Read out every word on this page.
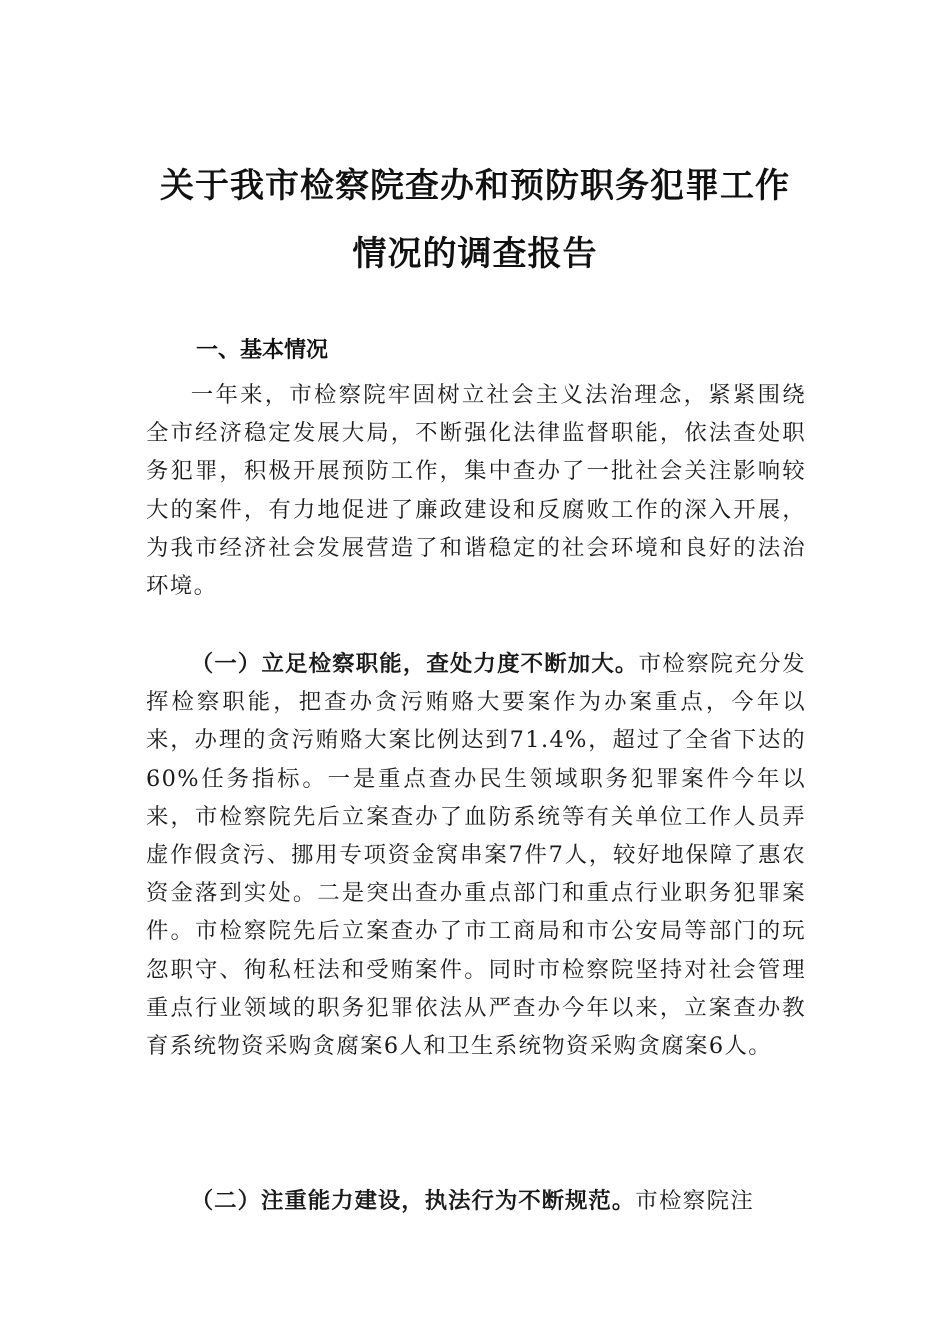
关于我市检察院查办和预防职务犯罪工作
情况的调查报告
一、基本情况
一年来，市检察院牢固树立社会主义法治理念，紧紧围绕全市经济稳定发展大局，不断强化法律监督职能，依法查处职务犯罪，积极开展预防工作，集中查办了一批社会关注影响较大的案件，有力地促进了廉政建设和反腐败工作的深入开展，为我市经济社会发展营造了和谐稳定的社会环境和良好的法治环境。
（一）立足检察职能，查处力度不断加大。市检察院充分发挥检察职能，把查办贪污贿赂大要案作为办案重点，今年以来，办理的贪污贿赂大案比例达到71.4%，超过了全省下达的60%任务指标。一是重点查办民生领域职务犯罪案件今年以来，市检察院先后立案查办了血防系统等有关单位工作人员弄虚作假贪污、挪用专项资金窝串案7件7人，较好地保障了惠农资金落到实处。二是突出查办重点部门和重点行业职务犯罪案件。市检察院先后立案查办了市工商局和市公安局等部门的玩忽职守、徇私枉法和受贿案件。同时市检察院坚持对社会管理重点行业领域的职务犯罪依法从严查办今年以来，立案查办教育系统物资采购贪腐案6人和卫生系统物资采购贪腐案6人。
（二）注重能力建设，执法行为不断规范。市检察院注
